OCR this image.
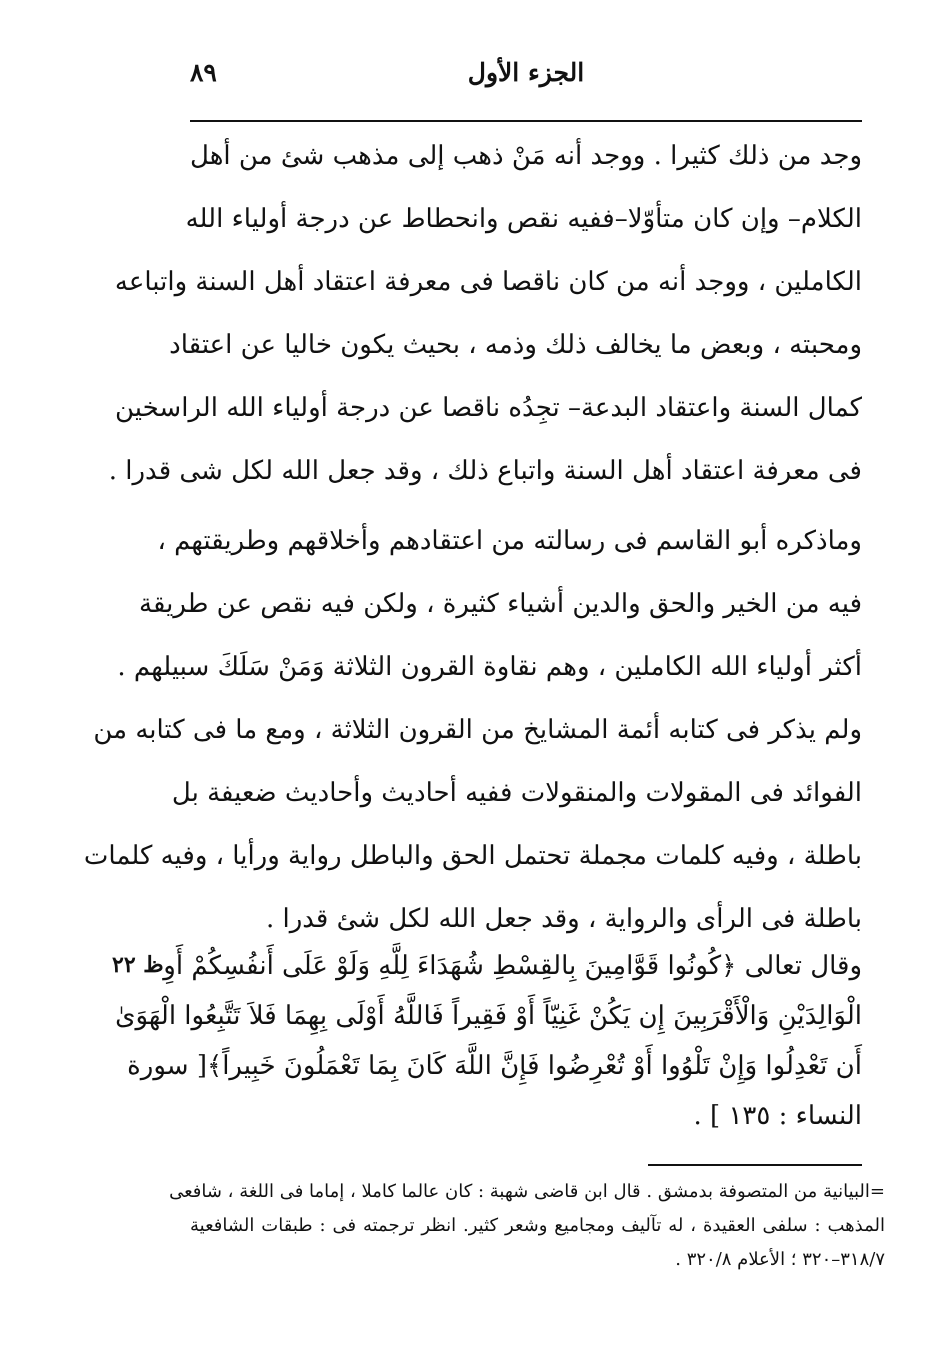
الجزء الأول
٨٩
وجد من ذلك كثيرا . ووجد أنه مَنْ ذهب إلى مذهب شئ من أهل
الكلام– وإن كان متأوّلا–ففيه نقص وانحطاط عن درجة أولياء الله
الكاملين ، ووجد أنه من كان ناقصا فى معرفة اعتقاد أهل السنة واتباعه
ومحبته ، وبعض ما يخالف ذلك وذمه ، بحيث يكون خاليا عن اعتقاد
كمال السنة واعتقاد البدعة– تجِدُه ناقصا عن درجة أولياء الله الراسخين
فى معرفة اعتقاد أهل السنة واتباع ذلك ، وقد جعل الله لكل شى قدرا .
وماذكره أبو القاسم فى رسالته من اعتقادهم وأخلاقهم وطريقتهم ،
فيه من الخير والحق والدين أشياء كثيرة ، ولكن فيه نقص عن طريقة
أكثر أولياء الله الكاملين ، وهم نقاوة القرون الثلاثة وَمَنْ سَلَكَ سبيلهم .
ولم يذكر فى كتابه أئمة المشايخ من القرون الثلاثة ، ومع ما فى كتابه من
الفوائد فى المقولات والمنقولات ففيه أحاديث وأحاديث ضعيفة بل
باطلة ، وفيه كلمات مجملة تحتمل الحق والباطل رواية ورأيا ، وفيه كلمات
باطلة فى الرأى والرواية ، وقد جعل الله لكل شئ قدرا .
ظ ٢٢ وقال تعالى ﴿كُونُوا قَوَّامِينَ بِالقِسْطِ شُهَدَاءَ لِلَّهِ وَلَوْ عَلَى أَنفُسِكُمْ أَوِ
الْوَالِدَيْنِ وَالْأَقْرَبِينَ إِن يَكُنْ غَنِيّاً أَوْ فَقِيراً فَاللَّهُ أَوْلَى بِهِمَا فَلاَ تَتَّبِعُوا الْهَوَىٰ
أَن تَعْدِلُوا وَإِنْ تَلْوُوا أَوْ تُعْرِضُوا فَإِنَّ اللَّهَ كَانَ بِمَا تَعْمَلُونَ خَبِيراً﴾[ سورة
النساء : ١٣٥ ] .
=البيانية من المتصوفة بدمشق . قال ابن قاضى شهبة : كان عالما كاملا ، إماما فى اللغة ، شافعى
المذهب : سلفى العقيدة ، له تآليف ومجاميع وشعر كثير. انظر ترجمته فى : طبقات الشافعية
٣١٨/٧–٣٢٠ ؛ الأعلام ٣٢٠/٨ .
